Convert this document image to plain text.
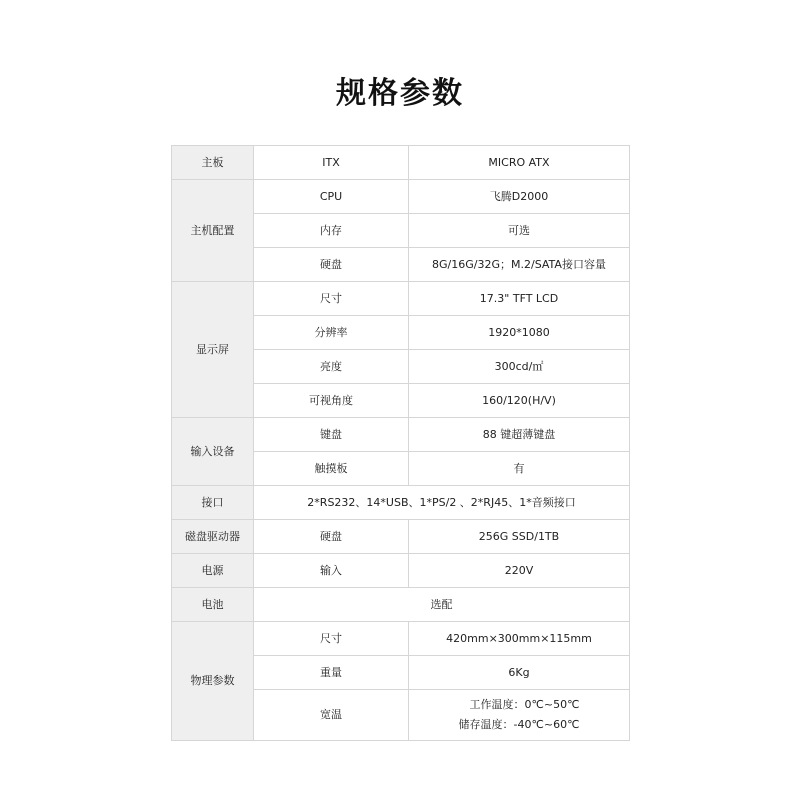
规格参数
主板	ITX	MICRO ATX
主机配置	CPU	飞腾D2000
	内存	可选
	硬盘	8G/16G/32G；M.2/SATA接口容量
显示屏	尺寸	17.3" TFT LCD
	分辨率	1920*1080
	亮度	300cd/㎡
	可视角度	160/120(H/V)
输入设备	键盘	88 键超薄键盘
	触摸板	有
接口	2*RS232、14*USB、1*PS/2 、2*RJ45、1*音频接口	
磁盘驱动器	硬盘	256G SSD/1TB
电源	输入	220V
电池	选配	
物理参数	尺寸	420mm×300mm×115mm
	重量	6Kg
	宽温	工作温度：0℃~50℃
储存温度：-40℃~60℃
